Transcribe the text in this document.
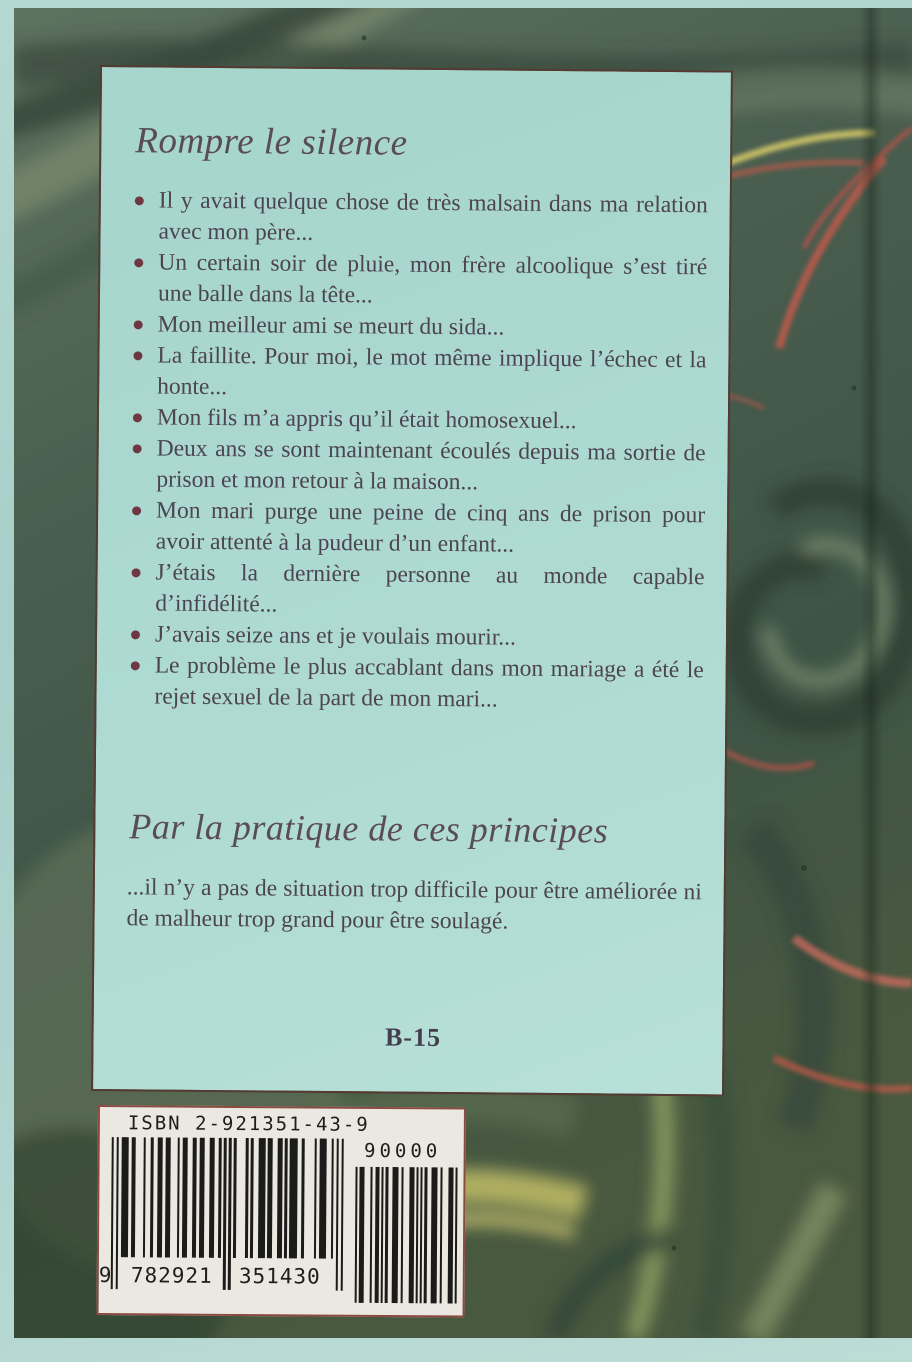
Rompre le silence
Il y avait quelque chose de très malsain dans ma relation avec mon père...
Un certain soir de pluie, mon frère alcoolique s’est tiré une balle dans la tête...
Mon meilleur ami se meurt du sida...
La faillite. Pour moi, le mot même implique l’échec et la honte...
Mon fils m’a appris qu’il était homosexuel...
Deux ans se sont maintenant écoulés depuis ma sortie de prison et mon retour à la maison...
Mon mari purge une peine de cinq ans de prison pour avoir attenté à la pudeur d’un enfant...
J’étais la dernière personne au monde capable d’infidélité...
J’avais seize ans et je voulais mourir...
Le problème le plus accablant dans mon mariage a été le rejet sexuel de la part de mon mari...
Par la pratique de ces principes

...il n’y a pas de situation trop difficile pour être améliorée ni de malheur trop grand pour être soulagé.

B-15
ISBN 2-921351-43-9
90000
9 782921	351430
